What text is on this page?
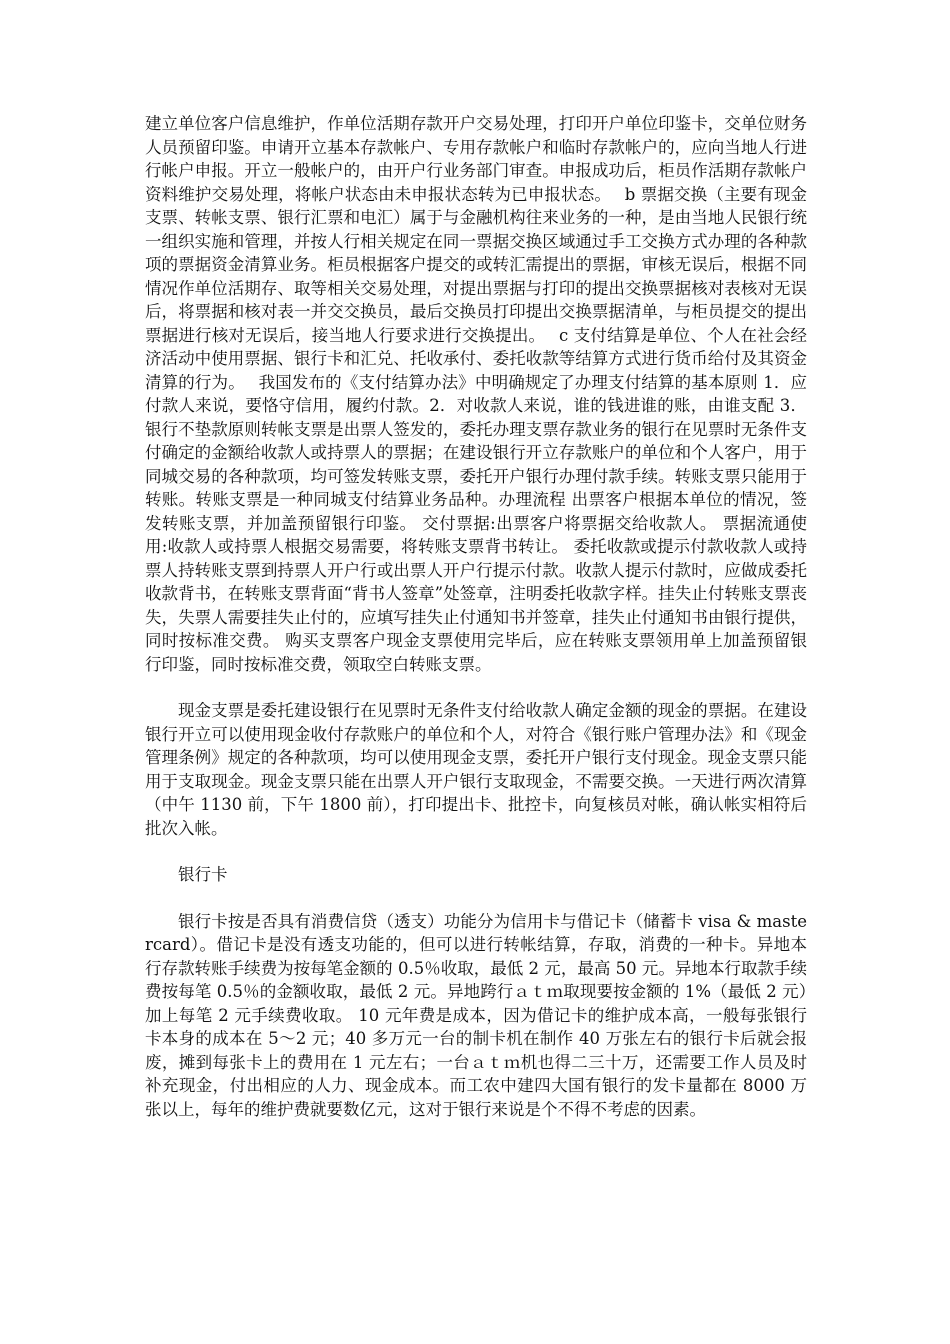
建立单位客户信息维护，作单位活期存款开户交易处理，打印开户单位印鉴卡，交单位财务人员预留印鉴。申请开立基本存款帐户、专用存款帐户和临时存款帐户的，应向当地人行进行帐户申报。开立一般帐户的，由开户行业务部门审查。申报成功后，柜员作活期存款帐户资料维护交易处理，将帐户状态由未申报状态转为已申报状态。　 b 票据交换（主要有现金支票、转帐支票、银行汇票和电汇）属于与金融机构往来业务的一种，是由当地人民银行统一组织实施和管理，并按人行相关规定在同一票据交换区域通过手工交换方式办理的各种款项的票据资金清算业务。柜员根据客户提交的或转汇需提出的票据，审核无误后，根据不同情况作单位活期存、取等相关交易处理，对提出票据与打印的提出交换票据核对表核对无误后，将票据和核对表一并交交换员，最后交换员打印提出交换票据清单，与柜员提交的提出票据进行核对无误后，接当地人行要求进行交换提出。　 c 支付结算是单位、个人在社会经济活动中使用票据、银行卡和汇兑、托收承付、委托收款等结算方式进行货币给付及其资金清算的行为。　 我国发布的《支付结算办法》中明确规定了办理支付结算的基本原则 1．应付款人来说，要恪守信用，履约付款。2．对收款人来说，谁的钱进谁的账，由谁支配 3．银行不垫款原则转帐支票是出票人签发的，委托办理支票存款业务的银行在见票时无条件支付确定的金额给收款人或持票人的票据；在建设银行开立存款账户的单位和个人客户，用于同城交易的各种款项，均可签发转账支票，委托开户银行办理付款手续。转账支票只能用于转账。转账支票是一种同城支付结算业务品种。办理流程 出票客户根据本单位的情况，签发转账支票，并加盖预留银行印鉴。 交付票据:出票客户将票据交给收款人。 票据流通使用:收款人或持票人根据交易需要，将转账支票背书转让。 委托收款或提示付款收款人或持票人持转账支票到持票人开户行或出票人开户行提示付款。收款人提示付款时，应做成委托收款背书，在转账支票背面“背书人签章”处签章，注明委托收款字样。挂失止付转账支票丧失，失票人需要挂失止付的，应填写挂失止付通知书并签章，挂失止付通知书由银行提供，同时按标准交费。 购买支票客户现金支票使用完毕后，应在转账支票领用单上加盖预留银行印鉴，同时按标准交费，领取空白转账支票。

现金支票是委托建设银行在见票时无条件支付给收款人确定金额的现金的票据。在建设银行开立可以使用现金收付存款账户的单位和个人，对符合《银行账户管理办法》和《现金管理条例》规定的各种款项，均可以使用现金支票，委托开户银行支付现金。现金支票只能用于支取现金。现金支票只能在出票人开户银行支取现金，不需要交换。一天进行两次清算（中午 1130 前，下午 1800 前），打印提出卡、批控卡，向复核员对帐，确认帐实相符后批次入帐。

银行卡

银行卡按是否具有消费信贷（透支）功能分为信用卡与借记卡（储蓄卡 visa & mastercard）。借记卡是没有透支功能的，但可以进行转帐结算，存取，消费的一种卡。异地本行存款转账手续费为按每笔金额的 0.5％收取，最低 2 元，最高 50 元。异地本行取款手续费按每笔 0.5％的金额收取，最低 2 元。异地跨行ａｔｍ取现要按金额的 1%（最低 2 元）加上每笔 2 元手续费收取。 10 元年费是成本，因为借记卡的维护成本高，一般每张银行卡本身的成本在 5～2 元；40 多万元一台的制卡机在制作 40 万张左右的银行卡后就会报废，摊到每张卡上的费用在 1 元左右；一台ａｔｍ机也得二三十万，还需要工作人员及时补充现金，付出相应的人力、现金成本。而工农中建四大国有银行的发卡量都在 8000 万张以上，每年的维护费就要数亿元，这对于银行来说是个不得不考虑的因素。
